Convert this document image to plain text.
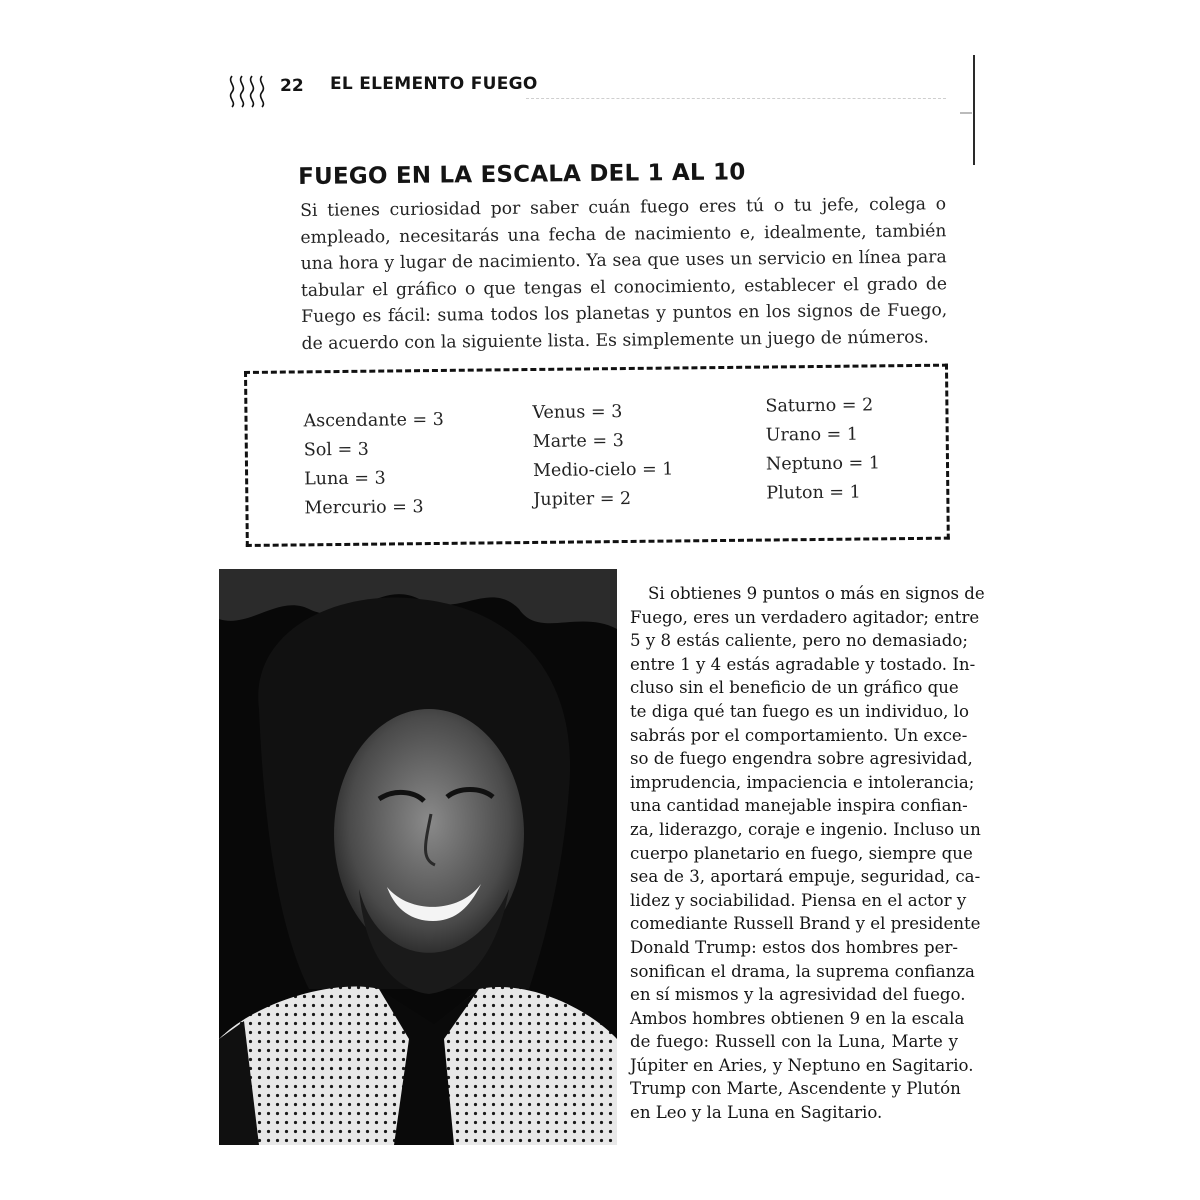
22 EL ELEMENTO FUEGO
FUEGO EN LA ESCALA DEL 1 AL 10

Si tienes curiosidad por saber cuán fuego eres tú o tu jefe, colega o empleado, necesitarás una fecha de nacimiento e, idealmente, también una hora y lugar de nacimiento. Ya sea que uses un servicio en línea para tabular el gráfico o que tengas el conocimiento, establecer el grado de Fuego es fácil: suma todos los planetas y puntos en los signos de Fuego, de acuerdo con la siguiente lista. Es simplemente un juego de números.

Ascendante = 3
Sol = 3
Luna = 3
Mercurio = 3
Venus = 3
Marte = 3
Medio-cielo = 1
Jupiter = 2
Saturno = 2
Urano = 1
Neptuno = 1
Pluton = 1
Si obtienes 9 puntos o más en signos de
Fuego, eres un verdadero agitador; entre
5 y 8 estás caliente, pero no demasiado;
entre 1 y 4 estás agradable y tostado. In-
cluso sin el beneficio de un gráfico que
te diga qué tan fuego es un individuo, lo
sabrás por el comportamiento. Un exce-
so de fuego engendra sobre agresividad,
imprudencia, impaciencia e intolerancia;
una cantidad manejable inspira confian-
za, liderazgo, coraje e ingenio. Incluso un
cuerpo planetario en fuego, siempre que
sea de 3, aportará empuje, seguridad, ca-
lidez y sociabilidad. Piensa en el actor y
comediante Russell Brand y el presidente
Donald Trump: estos dos hombres per-
sonifican el drama, la suprema confianza
en sí mismos y la agresividad del fuego.
Ambos hombres obtienen 9 en la escala
de fuego: Russell con la Luna, Marte y
Júpiter en Aries, y Neptuno en Sagitario.
Trump con Marte, Ascendente y Plutón
en Leo y la Luna en Sagitario.
